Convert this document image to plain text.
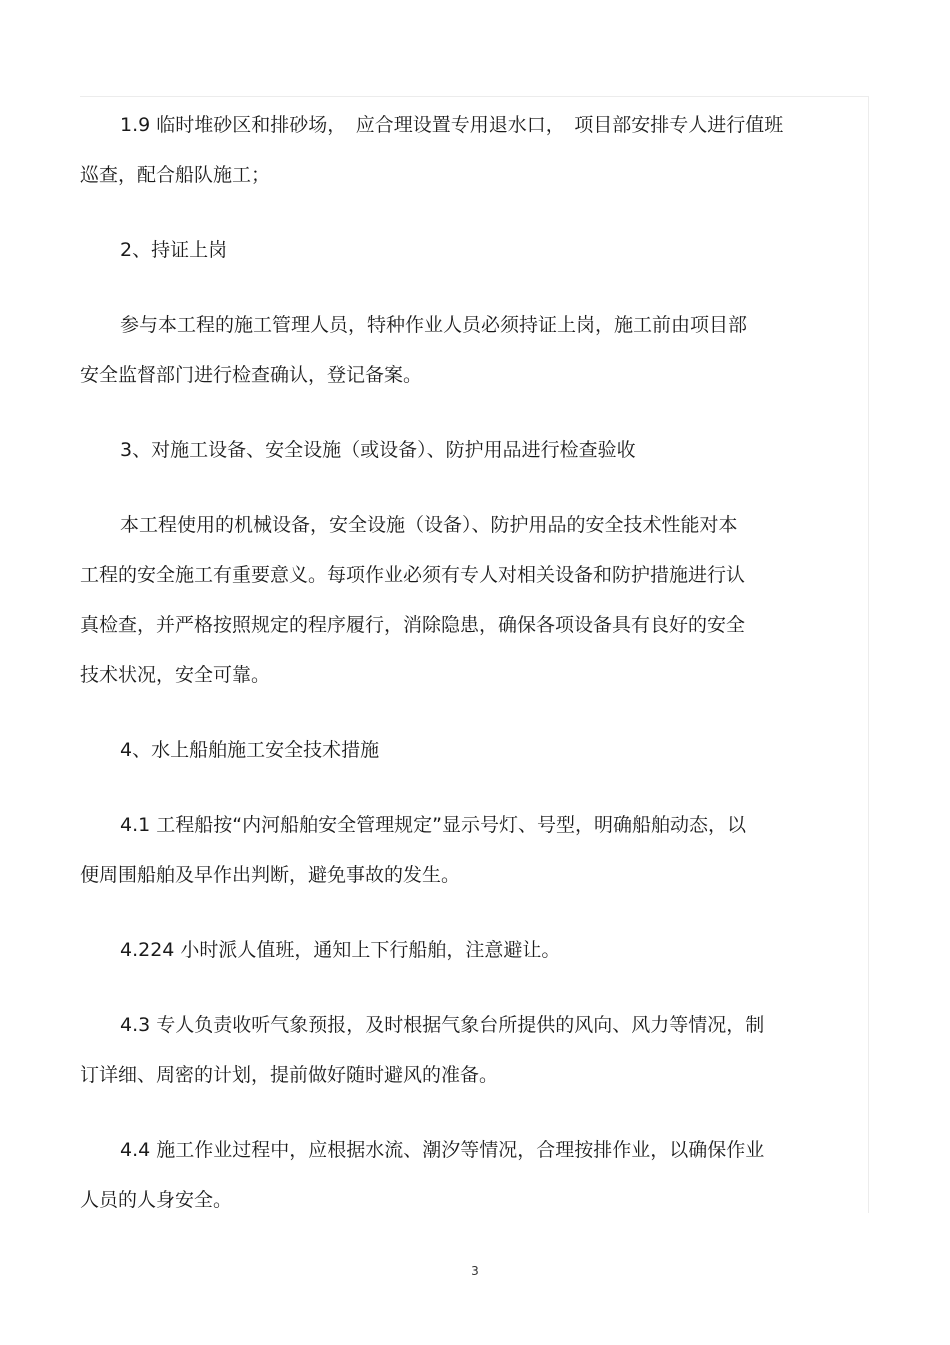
1.9 临时堆砂区和排砂场，　应合理设置专用退水口，　项目部安排专人进行值班
巡查，配合船队施工；

2、持证上岗

参与本工程的施工管理人员，特种作业人员必须持证上岗，施工前由项目部
安全监督部门进行检查确认，登记备案。

3、对施工设备、安全设施（或设备）、防护用品进行检查验收

本工程使用的机械设备，安全设施（设备）、防护用品的安全技术性能对本
工程的安全施工有重要意义。每项作业必须有专人对相关设备和防护措施进行认
真检查，并严格按照规定的程序履行，消除隐患，确保各项设备具有良好的安全
技术状况，安全可靠。

4、水上船舶施工安全技术措施

4.1 工程船按“内河船舶安全管理规定”显示号灯、号型，明确船舶动态，以
便周围船舶及早作出判断，避免事故的发生。

4.224 小时派人值班，通知上下行船舶，注意避让。

4.3 专人负责收听气象预报，及时根据气象台所提供的风向、风力等情况，制
订详细、周密的计划，提前做好随时避风的准备。

4.4 施工作业过程中，应根据水流、潮汐等情况，合理按排作业，以确保作业
人员的人身安全。

3
